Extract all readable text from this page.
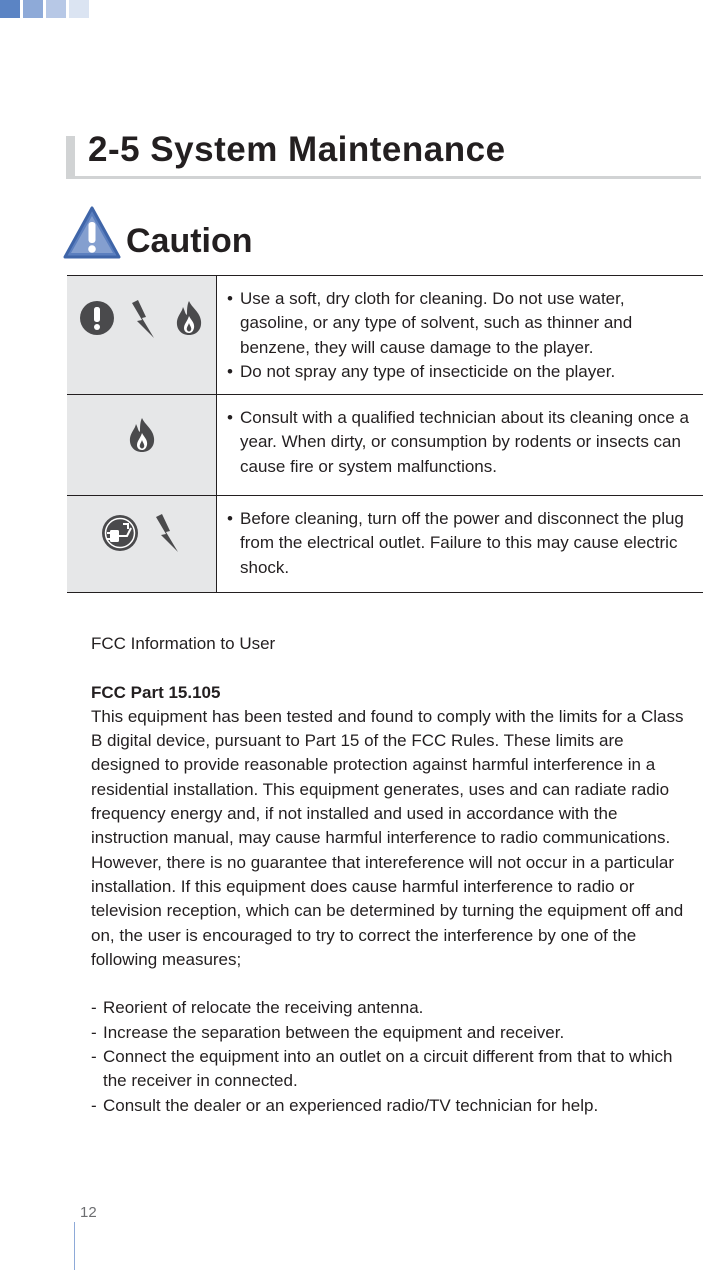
2-5 System Maintenance
Caution
• Use a soft, dry cloth for cleaning. Do not use water, gasoline, or any type of solvent, such as thinner and benzene, they will cause damage to the player.
• Do not spray any type of insecticide on the player.
• Consult with a qualified technician about its cleaning once a year. When dirty, or consumption by rodents or insects can cause fire or system malfunctions.
• Before cleaning, turn off the power and disconnect the plug from the electrical outlet. Failure to this may cause electric shock.

FCC Information to User

FCC Part 15.105

This equipment has been tested and found to comply with the limits for a Class B digital device, pursuant to Part 15 of the FCC Rules. These limits are designed to provide reasonable protection against harmful interference in a residential installation. This equipment generates, uses and can radiate radio frequency energy and, if not installed and used in accordance with the instruction manual, may cause harmful interference to radio communications. However, there is no guarantee that intereference will not occur in a particular installation. If this equipment does cause harmful interference to radio or television reception, which can be determined by turning the equipment off and on, the user is encouraged to try to correct the interference by one of the following measures;

- Reorient of relocate the receiving antenna.

- Increase the separation between the equipment and receiver.

- Connect the equipment into an outlet on a circuit different from that to which the receiver in connected.

- Consult the dealer or an experienced radio/TV technician for help.

12
